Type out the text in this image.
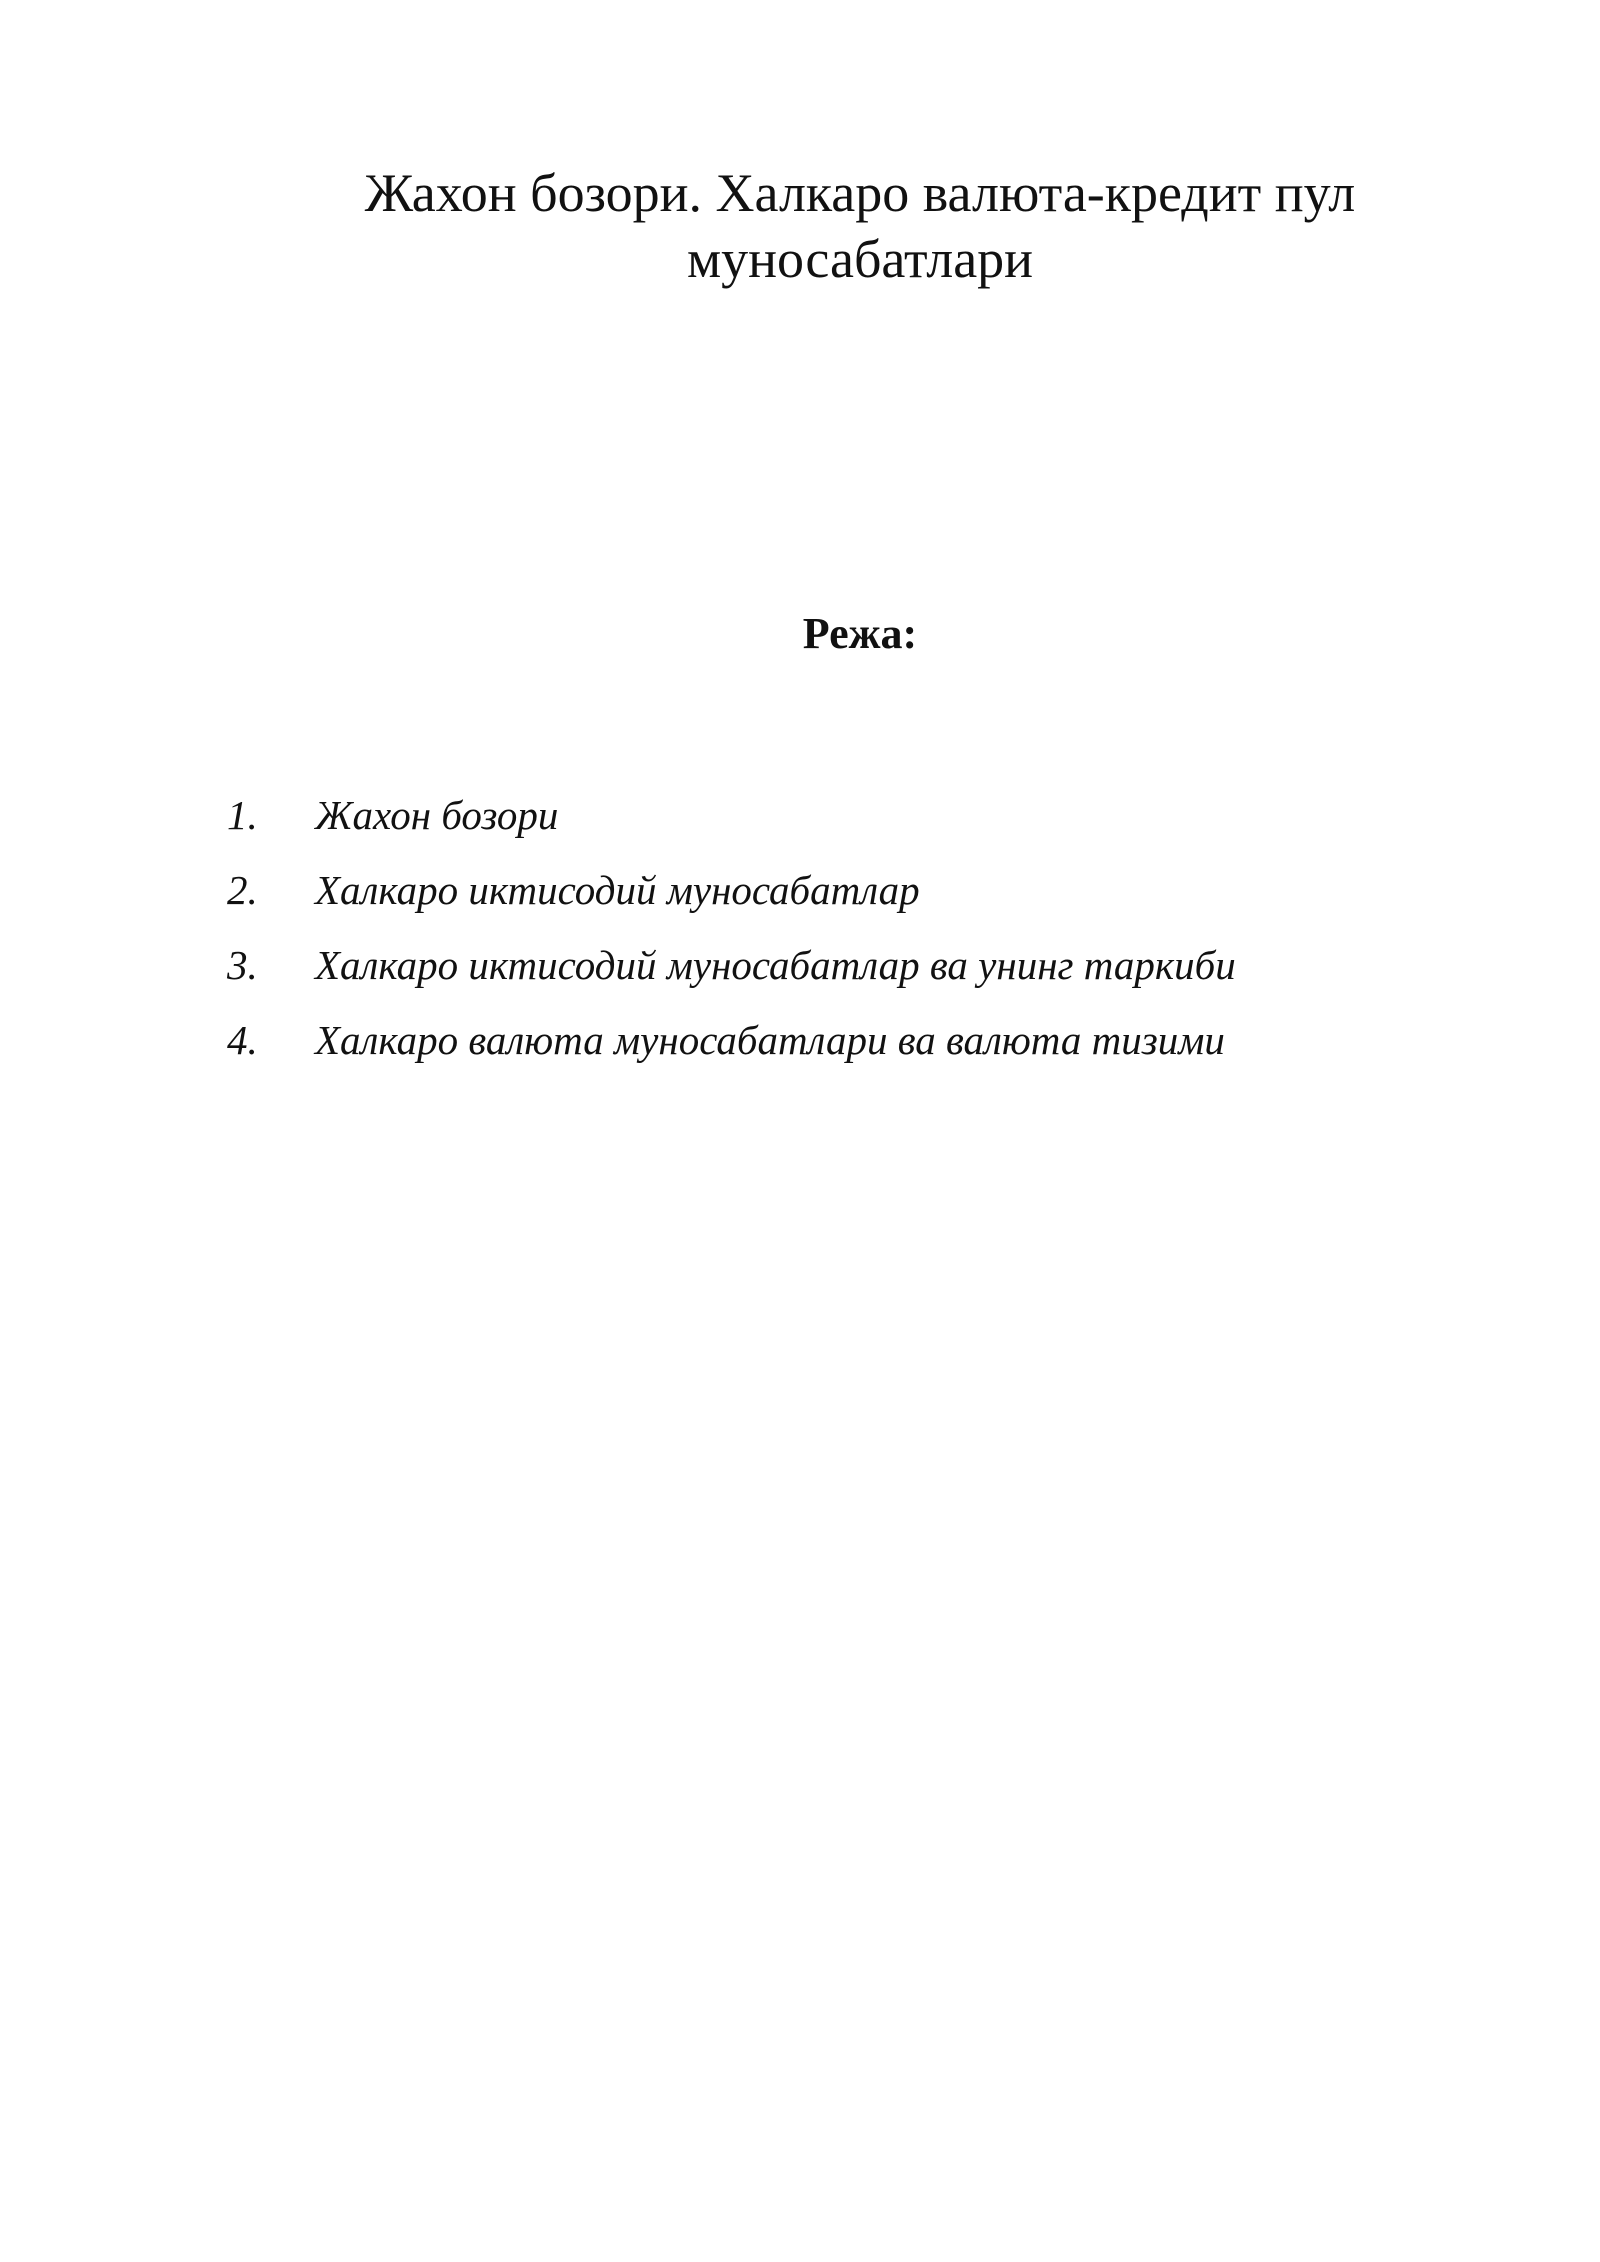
Жахон бозори. Халкаро валюта-кредит пул муносабатлари
Режа:
1.	Жахон бозори
2.	Халкаро иктисодий муносабатлар
3.	Халкаро иктисодий муносабатлар ва унинг таркиби
4.	Халкаро валюта муносабатлари ва валюта тизими
